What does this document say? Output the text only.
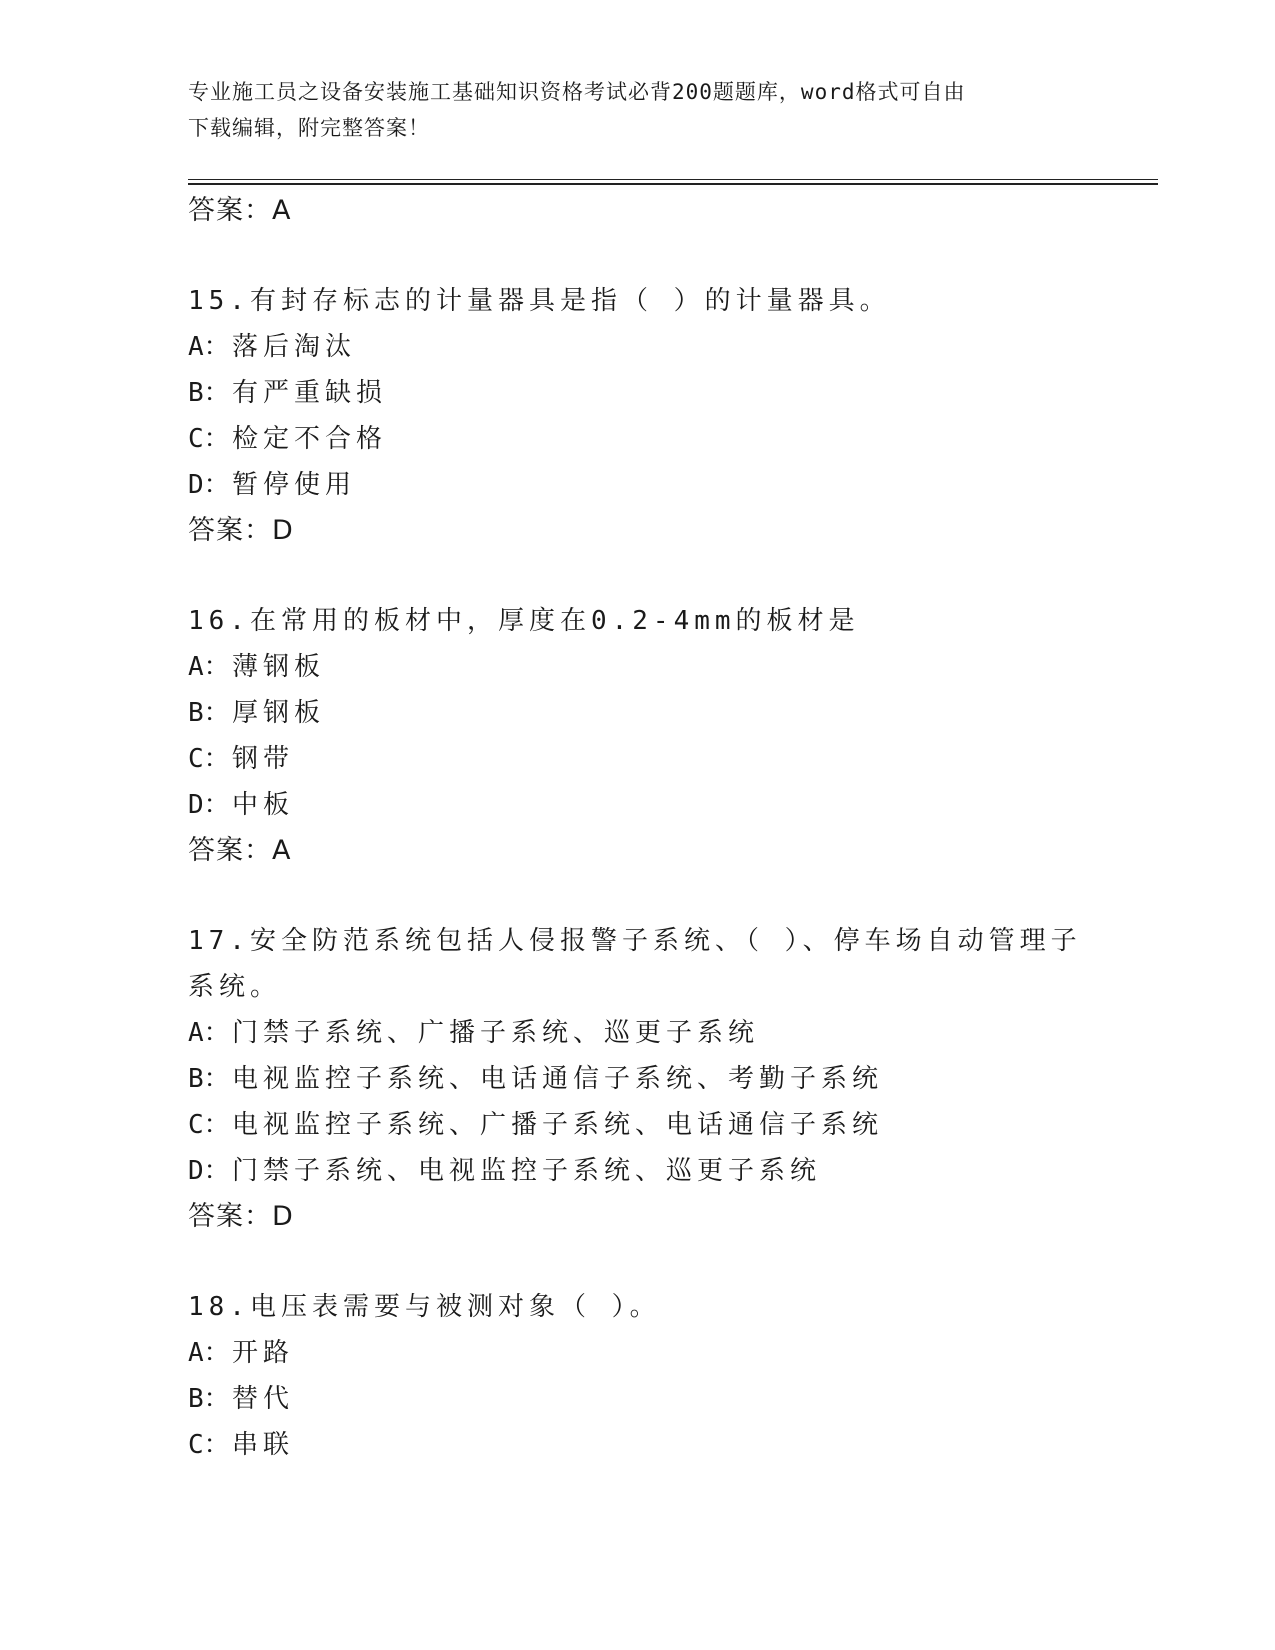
专业施工员之设备安装施工基础知识资格考试必背200题题库，word格式可自由
下载编辑，附完整答案！
答案：A
15.有封存标志的计量器具是指（ ）的计量器具。
A：落后淘汰
B：有严重缺损
C：检定不合格
D：暂停使用
答案：D
16.在常用的板材中，厚度在0.2-4mm的板材是
A：薄钢板
B：厚钢板
C：钢带
D：中板
答案：A
17.安全防范系统包括人侵报警子系统、（ ）、停车场自动管理子系统。
A：门禁子系统、广播子系统、巡更子系统
B：电视监控子系统、电话通信子系统、考勤子系统
C：电视监控子系统、广播子系统、电话通信子系统
D：门禁子系统、电视监控子系统、巡更子系统
答案：D
18.电压表需要与被测对象（ ）。
A：开路
B：替代
C：串联
